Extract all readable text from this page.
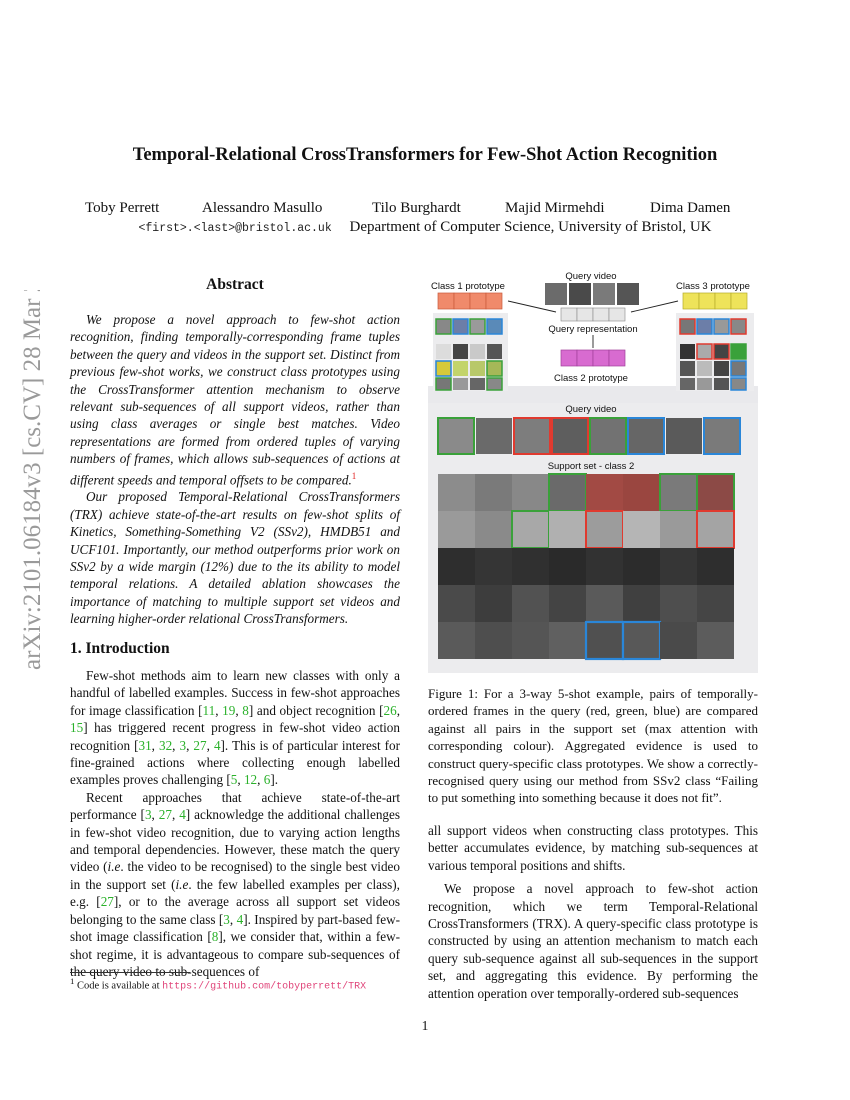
arXiv:2101.06184v3 [cs.CV] 28 Mar 2021
Temporal-Relational CrossTransformers for Few-Shot Action Recognition
Toby Perrett	Alessandro Masullo	Tilo Burghardt	Majid Mirmehdi	Dima Damen
<first>.<last>@bristol.ac.uk Department of Computer Science, University of Bristol, UK
Abstract

We propose a novel approach to few-shot action recognition, finding temporally-corresponding frame tuples between the query and videos in the support set. Distinct from previous few-shot works, we construct class prototypes using the CrossTransformer attention mechanism to observe relevant sub-sequences of all support videos, rather than using class averages or single best matches. Video representations are formed from ordered tuples of varying numbers of frames, which allows sub-sequences of actions at different speeds and temporal offsets to be compared.$^1$

Our proposed Temporal-Relational CrossTransformers (TRX) achieve state-of-the-art results on few-shot splits of Kinetics, Something-Something V2 (SSv2), HMDB51 and UCF101. Importantly, our method outperforms prior work on SSv2 by a wide margin (12%) due to the its ability to model temporal relations. A detailed ablation showcases the importance of matching to multiple support set videos and learning higher-order relational CrossTransformers.

1. Introduction

Few-shot methods aim to learn new classes with only a handful of labelled examples. Success in few-shot approaches for image classification [11, 19, 8] and object recognition [26, 15] has triggered recent progress in few-shot video action recognition [31, 32, 3, 27, 4]. This is of particular interest for fine-grained actions where collecting enough labelled examples proves challenging [5, 12, 6].

Recent approaches that achieve state-of-the-art performance [3, 27, 4] acknowledge the additional challenges in few-shot video recognition, due to varying action lengths and temporal dependencies. However, these match the query video (i.e. the video to be recognised) to the single best video in the support set (i.e. the few labelled examples per class), e.g. [27], or to the average across all support set videos belonging to the same class [3, 4]. Inspired by part-based few-shot image classification [8], we consider that, within a few-shot regime, it is advantageous to compare sub-sequences of the query video to sub-sequences of

$^1$ Code is available at https://github.com/tobyperrett/TRX
Class 1 prototype	Class 3 prototype
Query video
Query representation
Class 2 prototype
Query video
Support set - class 2
Figure 1: For a 3-way 5-shot example, pairs of temporally-ordered frames in the query (red, green, blue) are compared against all pairs in the support set (max attention with corresponding colour). Aggregated evidence is used to construct query-specific class prototypes. We show a correctly-recognised query using our method from SSv2 class “Failing to put something into something because it does not fit”.

all support videos when constructing class prototypes. This better accumulates evidence, by matching sub-sequences at various temporal positions and shifts.

We propose a novel approach to few-shot action recognition, which we term Temporal-Relational CrossTransformers (TRX). A query-specific class prototype is constructed by using an attention mechanism to match each query sub-sequence against all sub-sequences in the support set, and aggregating this evidence. By performing the attention operation over temporally-ordered sub-sequences

1
